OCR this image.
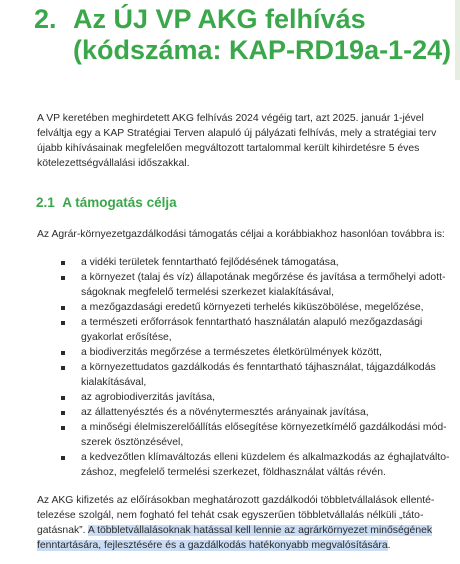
2. Az ÚJ VP AKG felhívás
(kódszáma: KAP-RD19a-1-24)
A VP keretében meghirdetett AKG felhívás 2024 végéig tart, azt 2025. január 1-jével
felváltja egy a KAP Stratégiai Terven alapuló új pályázati felhívás, mely a stratégiai terv
újabb kihívásainak megfelelően megváltozott tartalommal került kihirdetésre 5 éves
kötelezettségvállalási időszakkal.
2.1 A támogatás célja
Az Agrár-környezetgazdálkodási támogatás céljai a korábbiakhoz hasonlóan továbbra is:
a vidéki területek fenntartható fejlődésének támogatása,
a környezet (talaj és víz) állapotának megőrzése és javítása a termőhelyi adott-
ságoknak megfelelő termelési szerkezet kialakításával,
a mezőgazdasági eredetű környezeti terhelés kiküszöbölése, megelőzése,
a természeti erőforrások fenntartható használatán alapuló mezőgazdasági
gyakorlat erősítése,
a biodiverzitás megőrzése a természetes életkörülmények között,
a környezettudatos gazdálkodás és fenntartható tájhasználat, tájgazdálkodás
kialakításával,
az agrobiodiverzitás javítása,
az állattenyésztés és a növénytermesztés arányainak javítása,
a minőségi élelmiszerelőállítás elősegítése környezetkímélő gazdálkodási mód-
szerek ösztönzésével,
a kedvezőtlen klímaváltozás elleni küzdelem és alkalmazkodás az éghajlatválto-
záshoz, megfelelő termelési szerkezet, földhasználat váltás révén.
Az AKG kifizetés az előírásokban meghatározott gazdálkodói többletvállalások ellenté-
telezése szolgál, nem fogható fel tehát csak egyszerűen többletvállalás nélküli „táto-
gatásnak”. A többletvállalásoknak hatással kell lennie az agrárkörnyezet minőségének
fenntartására, fejlesztésére és a gazdálkodás hatékonyabb megvalósítására.
